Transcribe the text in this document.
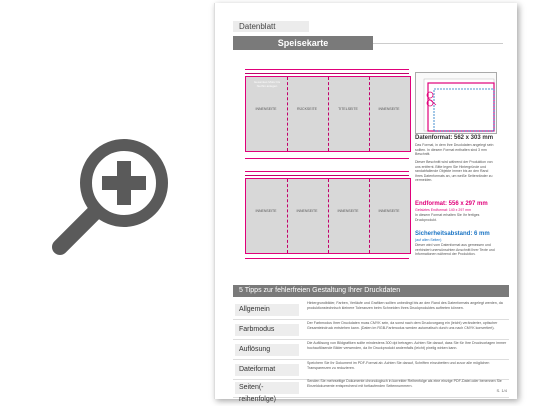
Datenblatt
Speisekarte
Gesamtes Motiv bis hierhin anlegen
INNENSEITE	RÜCKSEITE	TITELSEITE	INNENSEITE
INNENSEITE	INNENSEITE	INNENSEITE	INNENSEITE
Datenformat: 562 x 303 mm
Das Format, in dem Ihre Druckdaten angelegt sein sollten. In diesem Format enthalten sind 3 mm Beschnitt.
Dieser Beschnitt wird während der Produktion von uns entfernt. Bitte legen Sie Hintergründe und randabfallende Objekte immer bis an den Rand Ihres Datenformats an, um weiße Seitenränder zu vermeiden.
Endformat: 556 x 297 mm
Gefalztes Endformat: 140 x 297 mm
In diesem Format erhalten Sie Ihr fertiges Druckprodukt.
Sicherheitsabstand: 6 mm
(auf allen Seiten)
Dieser wird vom Datenformat aus gemessen und verhindert unerwünschten Anschnitt Ihrer Texte und Informationen während der Produktion.
5 Tipps zur fehlerfreien Gestaltung Ihrer Druckdaten
Allgemein
Hintergrundbilder, Farben, Verläufe und Grafiken sollten unbedingt bis an den Rand des Datenformats angelegt werden, da produktionstechnisch kleinere Toleranzen beim Schneiden Ihres Druckproduktes auftreten können.
Farbmodus
Der Farbmodus Ihrer Druckdaten muss CMYK sein, da sonst nach dem Druckvorgang ein (leicht) veränderter, optischer Gesamteindruck entstehen kann. (Daten im RGB-Farbmodus werden automatisch durch uns nach CMYK konvertiert).
Auflösung
Die Auflösung von Bildgrafiken sollte mindestens 300 dpi betragen. Achten Sie darauf, dass Sie für Ihre Druckvorlagen immer hochauflösende Bilder verwenden, da Ihr Druckprodukt andernfalls (leicht) pixelig wirken kann.
Dateiformat
Speichern Sie Ihr Dokument im PDF-Format ab. Achten Sie darauf, Schriften einzubetten und zuvor alle möglichen Transparenzen zu reduzieren.
Seiten(-reihenfolge)
Senden Sie mehrseitige Dokumente chronologisch in korrekter Reihenfolge als eine einzige PDF-Datei oder benennen Sie Einzeldokumente entsprechend mit fortlaufenden Seitennummern.
S. 1/4
